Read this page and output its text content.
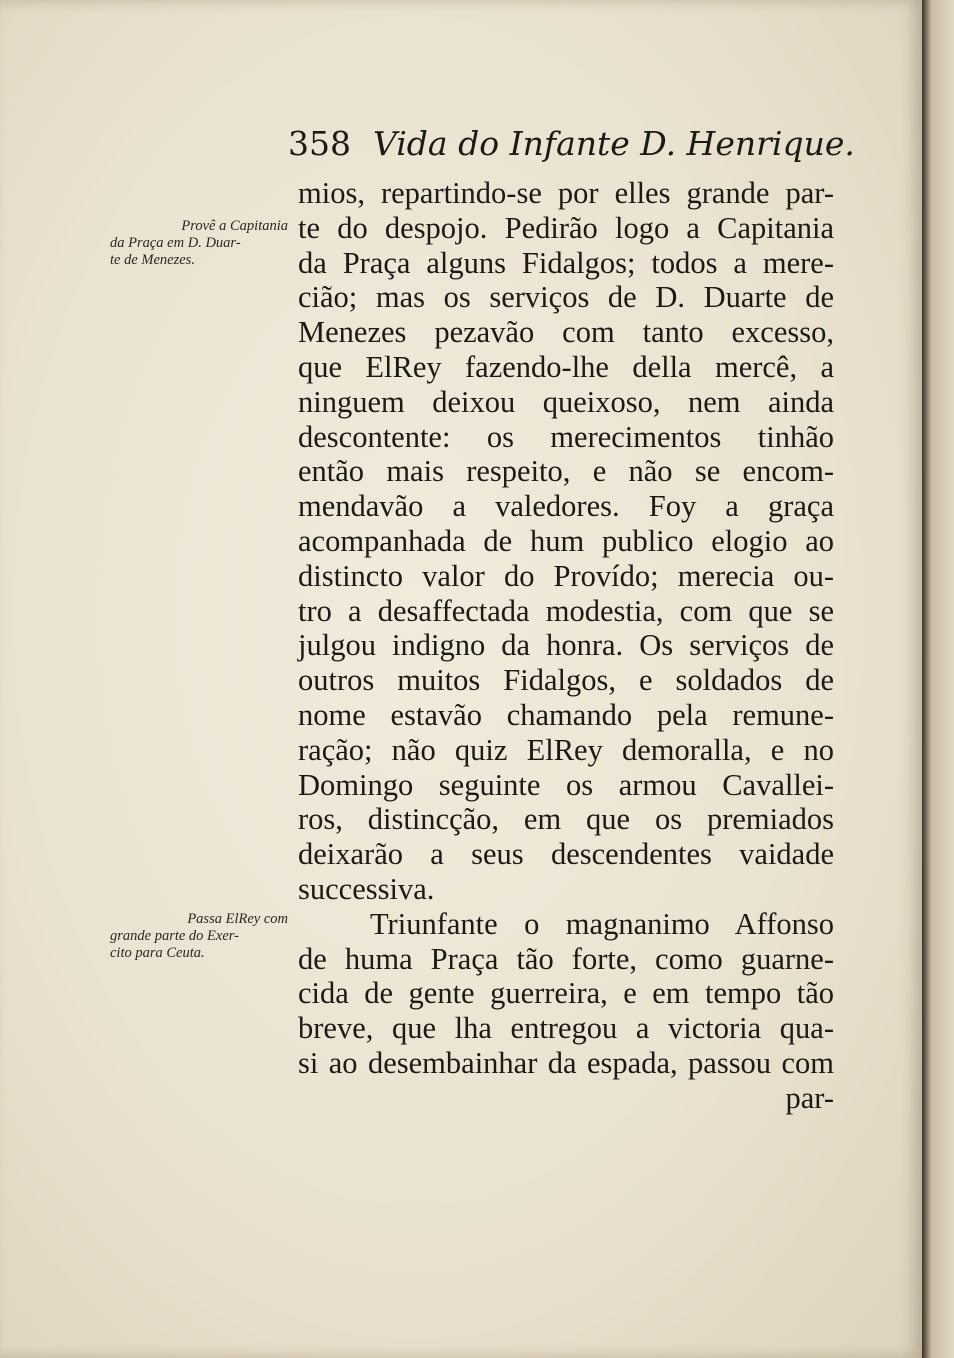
358 Vida do Infante D. Henrique.
Provê a Capitania
da Praça em D. Duar-
te de Menezes.
Passa ElRey com
grande parte do Exer-
cito para Ceuta.
mios, repartindo-se por elles grande par-
te do despojo. Pedirão logo a Capitania
da Praça alguns Fidalgos; todos a mere-
cião; mas os serviços de D. Duarte de
Menezes pezavão com tanto excesso,
que ElRey fazendo-lhe della mercê, a
ninguem deixou queixoso, nem ainda
descontente: os merecimentos tinhão
então mais respeito, e não se encom-
mendavão a valedores. Foy a graça
acompanhada de hum publico elogio ao
distincto valor do Provído; merecia ou-
tro a desaffectada modestia, com que se
julgou indigno da honra. Os serviços de
outros muitos Fidalgos, e soldados de
nome estavão chamando pela remune-
ração; não quiz ElRey demoralla, e no
Domingo seguinte os armou Cavallei-
ros, distincção, em que os premiados
deixarão a seus descendentes vaidade
successiva.
Triunfante o magnanimo Affonso
de huma Praça tão forte, como guarne-
cida de gente guerreira, e em tempo tão
breve, que lha entregou a victoria qua-
si ao desembainhar da espada, passou com
par-
